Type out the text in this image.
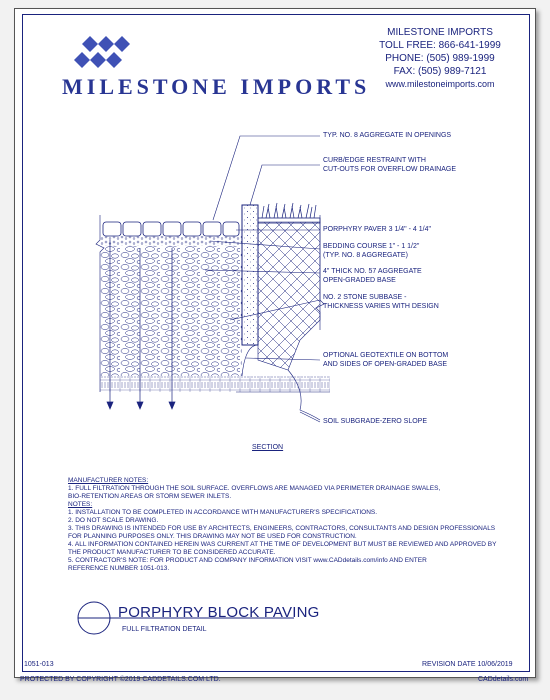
MILESTONE IMPORTS
MILESTONE IMPORTS
TOLL FREE: 866-641-1999
PHONE: (505) 989-1999
FAX: (505) 989-7121
www.milestoneimports.com
TYP. NO. 8 AGGREGATE IN OPENINGS
CURB/EDGE RESTRAINT WITH
CUT-OUTS FOR OVERFLOW DRAINAGE
PORPHYRY PAVER 3 1/4" - 4 1/4"
BEDDING COURSE 1" - 1 1/2"
(TYP. NO. 8 AGGREGATE)
4" THICK NO. 57 AGGREGATE
OPEN-GRADED BASE
NO. 2 STONE SUBBASE -
THICKNESS VARIES WITH DESIGN
OPTIONAL GEOTEXTILE ON BOTTOM
AND SIDES OF OPEN-GRADED BASE
SOIL SUBGRADE-ZERO SLOPE
SECTION
MANUFACTURER NOTES:
1. FULL FILTRATION THROUGH THE SOIL SURFACE. OVERFLOWS ARE MANAGED VIA PERIMETER DRAINAGE SWALES,
BIO-RETENTION AREAS OR STORM SEWER INLETS.
NOTES:
1. INSTALLATION TO BE COMPLETED IN ACCORDANCE WITH MANUFACTURER'S SPECIFICATIONS.
2. DO NOT SCALE DRAWING.
3. THIS DRAWING IS INTENDED FOR USE BY ARCHITECTS, ENGINEERS, CONTRACTORS, CONSULTANTS AND DESIGN PROFESSIONALS
FOR PLANNING PURPOSES ONLY. THIS DRAWING MAY NOT BE USED FOR CONSTRUCTION.
4. ALL INFORMATION CONTAINED HEREIN WAS CURRENT AT THE TIME OF DEVELOPMENT BUT MUST BE REVIEWED AND APPROVED BY
THE PRODUCT MANUFACTURER TO BE CONSIDERED ACCURATE.
5. CONTRACTOR'S NOTE: FOR PRODUCT AND COMPANY INFORMATION VISIT www.CADdetails.com/info AND ENTER
REFERENCE NUMBER 1051-013.
PORPHYRY BLOCK PAVING
FULL FILTRATION DETAIL
1051-013	REVISION DATE 10/06/2019
PROTECTED BY COPYRIGHT ©2019 CADDETAILS.COM LTD.	CADdetails.com
